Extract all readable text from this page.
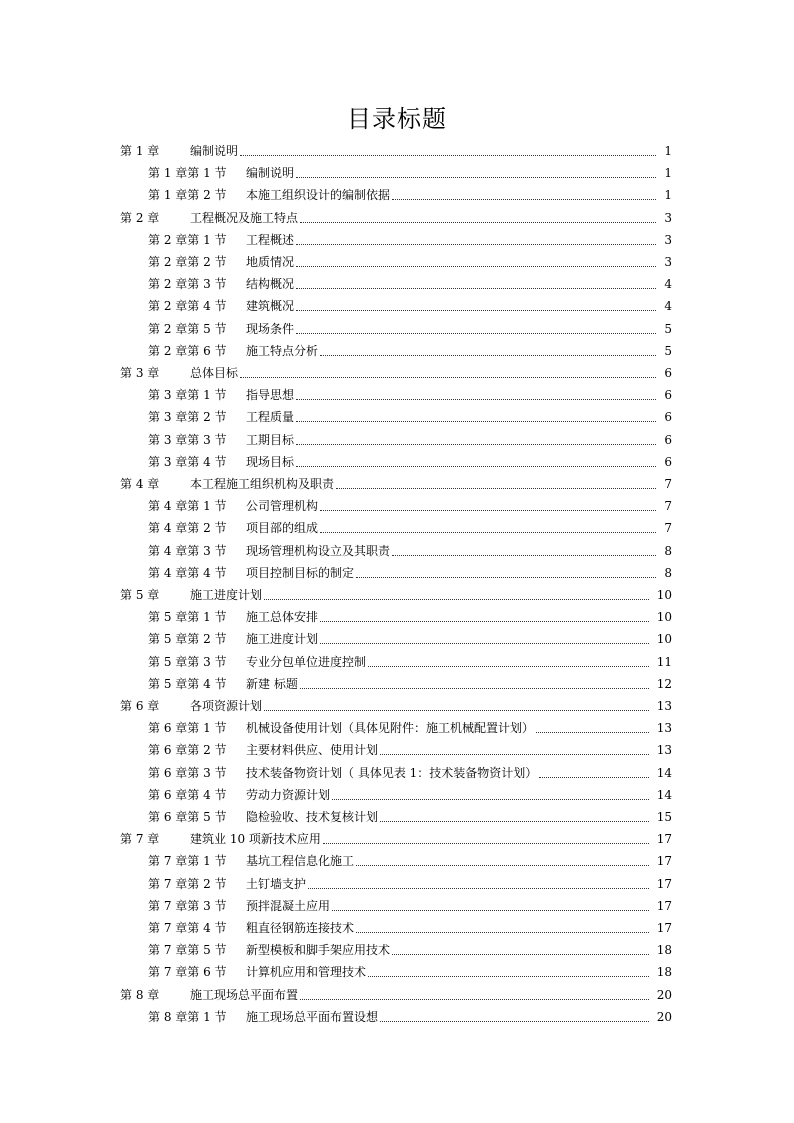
目录标题
第 1 章	编制说明	1
第 1 章第 1 节 编制说明	1
第 1 章第 2 节 本施工组织设计的编制依据	1
第 2 章	工程概况及施工特点	3
第 2 章第 1 节 工程概述	3
第 2 章第 2 节 地质情况	3
第 2 章第 3 节 结构概况	4
第 2 章第 4 节 建筑概况	4
第 2 章第 5 节 现场条件	5
第 2 章第 6 节 施工特点分析	5
第 3 章	总体目标	6
第 3 章第 1 节 指导思想	6
第 3 章第 2 节 工程质量	6
第 3 章第 3 节 工期目标	6
第 3 章第 4 节 现场目标	6
第 4 章	本工程施工组织机构及职责	7
第 4 章第 1 节 公司管理机构	7
第 4 章第 2 节 项目部的组成	7
第 4 章第 3 节 现场管理机构设立及其职责	8
第 4 章第 4 节 项目控制目标的制定	8
第 5 章	施工进度计划	10
第 5 章第 1 节 施工总体安排	10
第 5 章第 2 节 施工进度计划	10
第 5 章第 3 节 专业分包单位进度控制	11
第 5 章第 4 节 新建 标题	12
第 6 章	各项资源计划	13
第 6 章第 1 节 机械设备使用计划（具体见附件：施工机械配置计划）	13
第 6 章第 2 节 主要材料供应、使用计划	13
第 6 章第 3 节 技术装备物资计划（ 具体见表 1：技术装备物资计划）	14
第 6 章第 4 节 劳动力资源计划	14
第 6 章第 5 节 隐检验收、技术复核计划	15
第 7 章	建筑业 10 项新技术应用	17
第 7 章第 1 节 基坑工程信息化施工	17
第 7 章第 2 节 土钉墙支护	17
第 7 章第 3 节 预拌混凝土应用	17
第 7 章第 4 节 粗直径钢筋连接技术	17
第 7 章第 5 节 新型模板和脚手架应用技术	18
第 7 章第 6 节 计算机应用和管理技术	18
第 8 章	施工现场总平面布置	20
第 8 章第 1 节 施工现场总平面布置设想	20
